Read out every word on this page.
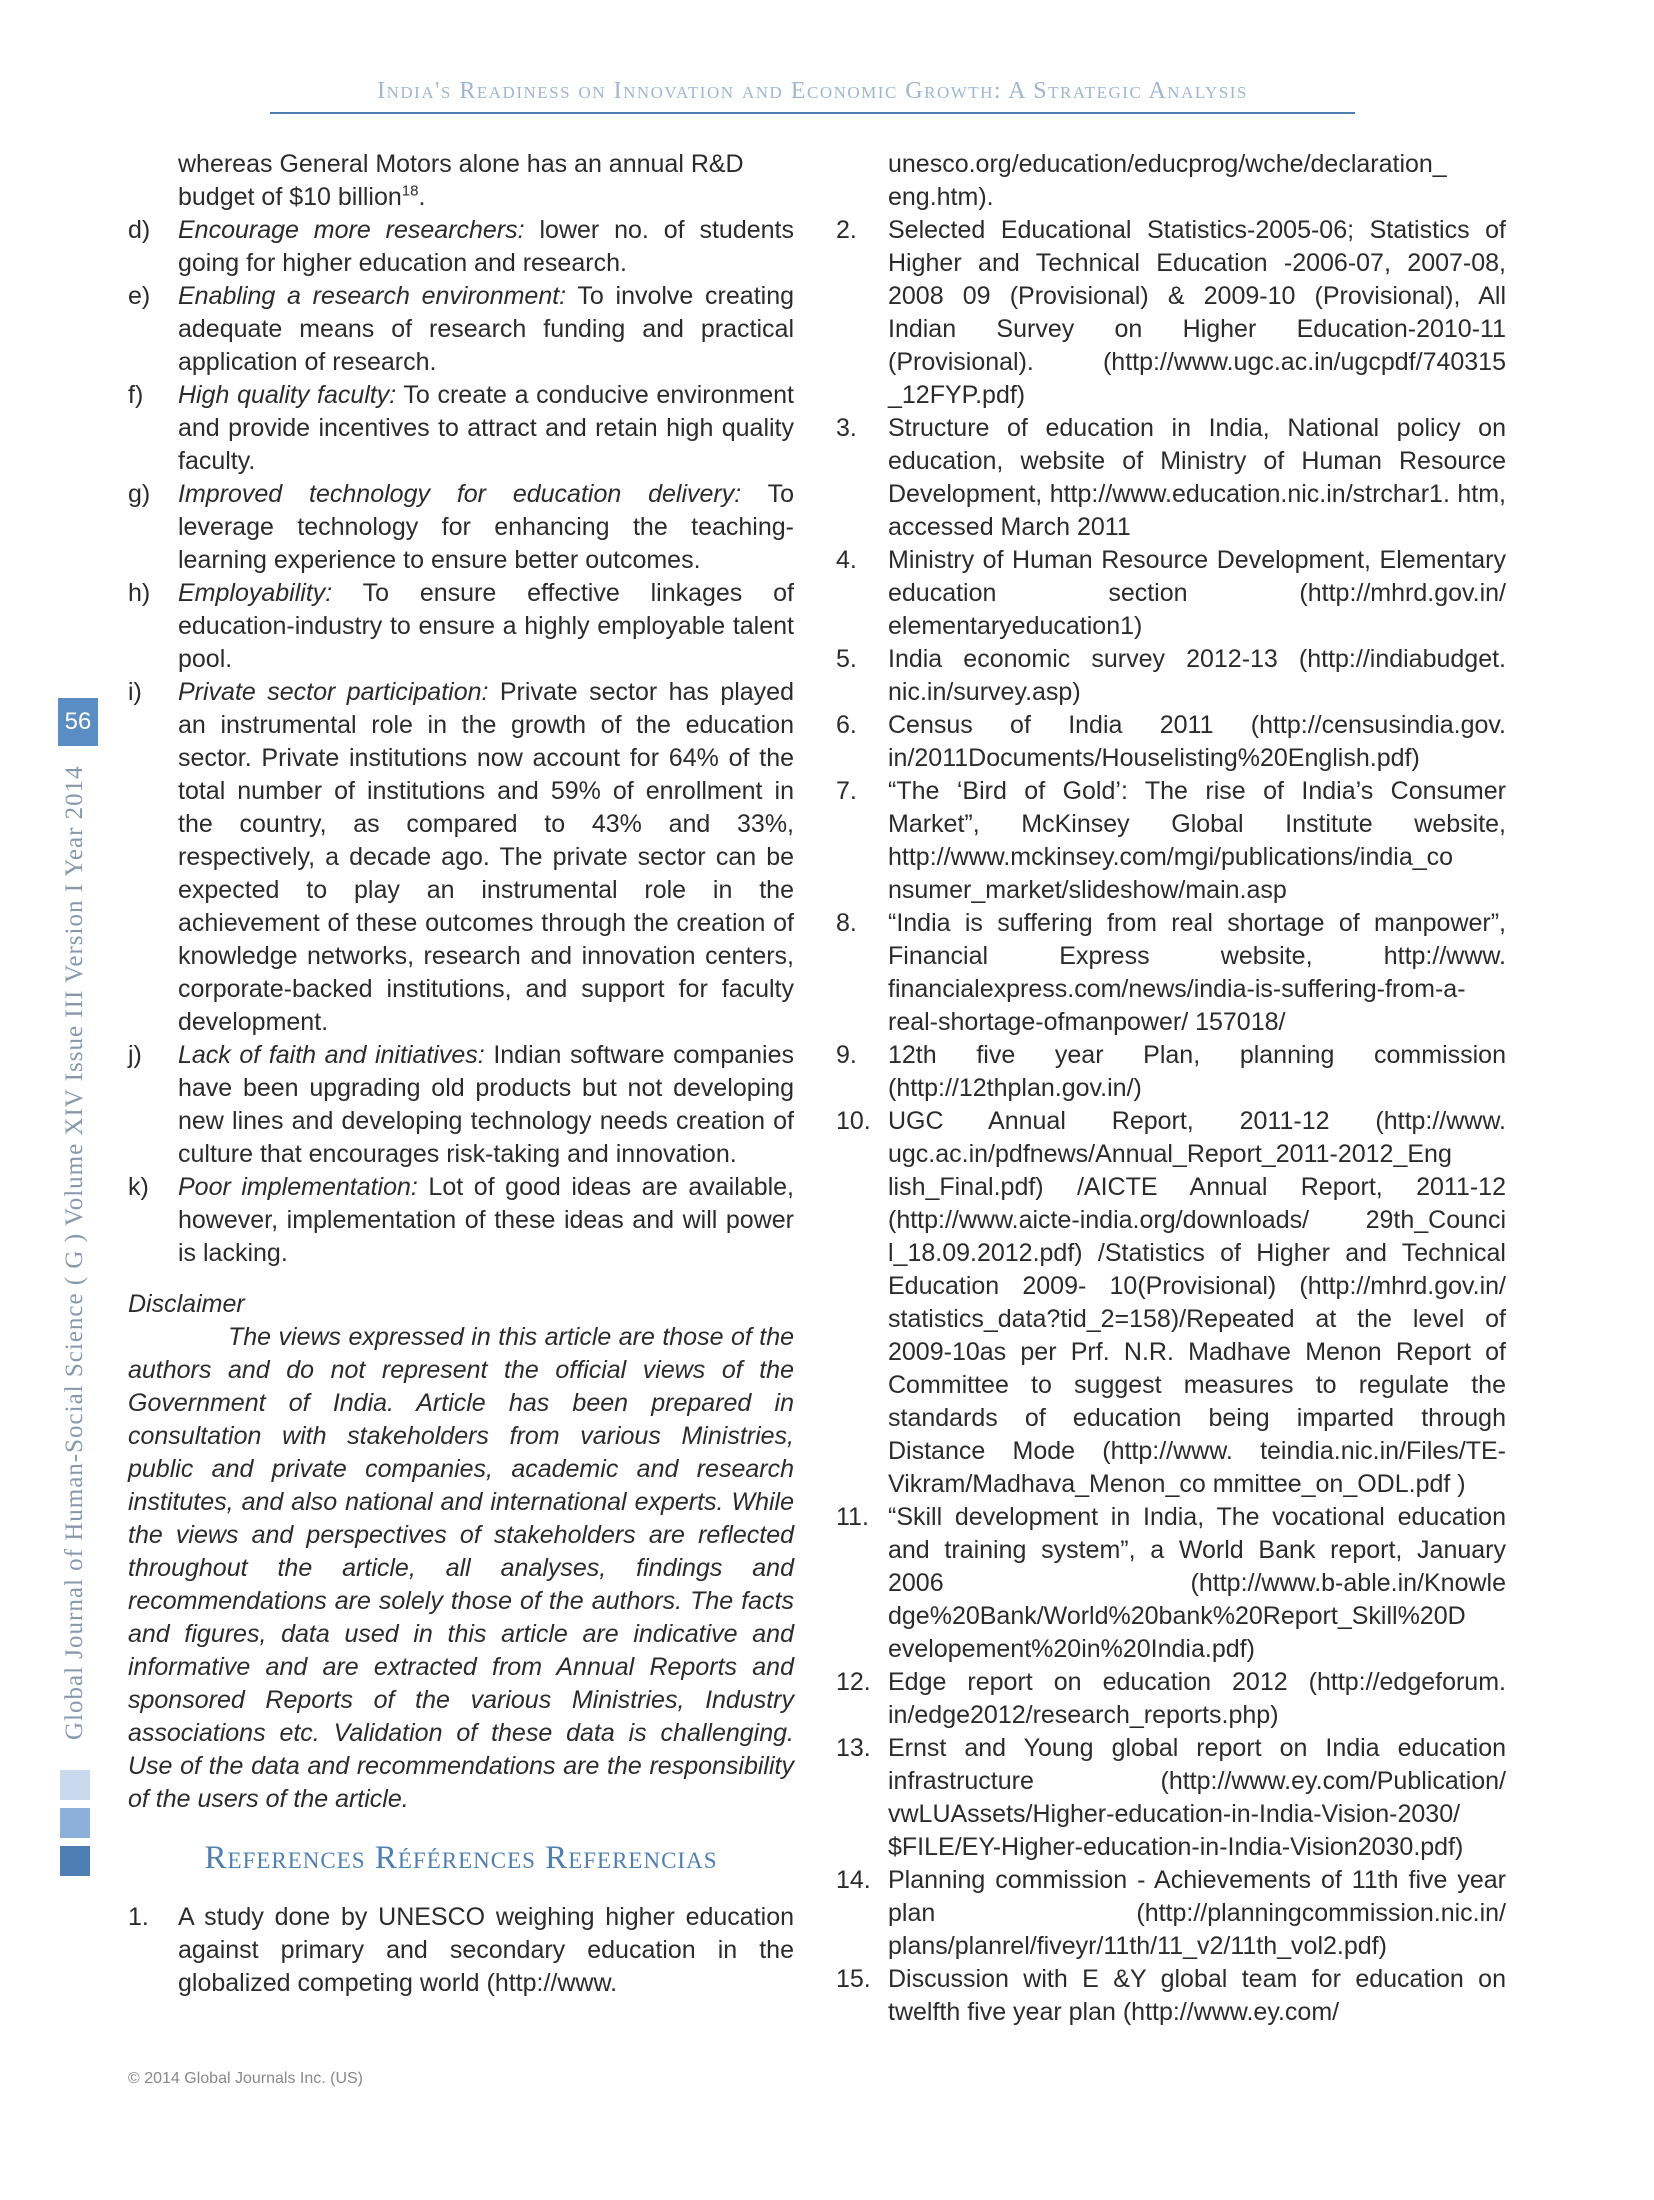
India's Readiness on Innovation and Economic Growth: A Strategic Analysis
Global Journal of Human-Social Science ( G ) Volume XIV Issue III Version I Year 2014
56
whereas General Motors alone has an annual R&D
budget of $10 billion$^{18}$.
d)	Encourage more researchers: lower no. of students going for higher education and research.
e)	Enabling a research environment: To involve creating adequate means of research funding and practical application of research.
f)	High quality faculty: To create a conducive environment and provide incentives to attract and retain high quality faculty.
g)	Improved technology for education delivery: To leverage technology for enhancing the teaching-learning experience to ensure better outcomes.
h)	Employability: To ensure effective linkages of education-industry to ensure a highly employable talent pool.
i)	Private sector participation: Private sector has played an instrumental role in the growth of the education sector. Private institutions now account for 64% of the total number of institutions and 59% of enrollment in the country, as compared to 43% and 33%, respectively, a decade ago. The private sector can be expected to play an instrumental role in the achievement of these outcomes through the creation of knowledge networks, research and innovation centers, corporate-backed institutions, and support for faculty development.
j)	Lack of faith and initiatives: Indian software companies have been upgrading old products but not developing new lines and developing technology needs creation of culture that encourages risk-taking and innovation.
k)	Poor implementation: Lot of good ideas are available, however, implementation of these ideas and will power is lacking.
Disclaimer
The views expressed in this article are those of the authors and do not represent the official views of the Government of India. Article has been prepared in consultation with stakeholders from various Ministries, public and private companies, academic and research institutes, and also national and international experts. While the views and perspectives of stakeholders are reflected throughout the article, all analyses, findings and recommendations are solely those of the authors. The facts and figures, data used in this article are indicative and informative and are extracted from Annual Reports and sponsored Reports of the various Ministries, Industry associations etc. Validation of these data is challenging. Use of the data and recommendations are the responsibility of the users of the article.
References Références Referencias
1.	A study done by UNESCO weighing higher education against primary and secondary education in the globalized competing world (http://www.
unesco.org/education/educprog/wche/declaration_ eng.htm).
2.	Selected Educational Statistics-2005-06; Statistics of Higher and Technical Education -2006-07, 2007-08, 2008 09 (Provisional) & 2009-10 (Provisional), All Indian Survey on Higher Education-2010-11 (Provisional). (http://www.ugc.ac.in/ugcpdf/740315 _12FYP.pdf)
3.	Structure of education in India, National policy on education, website of Ministry of Human Resource Development, http://www.education.nic.in/strchar1. htm, accessed March 2011
4.	Ministry of Human Resource Development, Elementary education section (http://mhrd.gov.in/ elementaryeducation1)
5.	India economic survey 2012-13 (http://indiabudget. nic.in/survey.asp)
6.	Census of India 2011 (http://censusindia.gov. in/2011Documents/Houselisting%20English.pdf)
7.	“The ‘Bird of Gold’: The rise of India’s Consumer Market”, McKinsey Global Institute website, http://www.mckinsey.com/mgi/publications/india_co nsumer_market/slideshow/main.asp
8.	“India is suffering from real shortage of manpower”, Financial Express website, http://www. financialexpress.com/news/india-is-suffering-from-a-real-shortage-ofmanpower/ 157018/
9.	12th five year Plan, planning commission (http://12thplan.gov.in/)
10. UGC Annual Report, 2011-12 (http://www. ugc.ac.in/pdfnews/Annual_Report_2011-2012_Eng lish_Final.pdf) /AICTE Annual Report, 2011-12 (http://www.aicte-india.org/downloads/ 29th_Counci l_18.09.2012.pdf) /Statistics of Higher and Technical Education 2009- 10(Provisional) (http://mhrd.gov.in/ statistics_data?tid_2=158)/Repeated at the level of 2009-10as per Prf. N.R. Madhave Menon Report of Committee to suggest measures to regulate the standards of education being imparted through Distance Mode (http://www. teindia.nic.in/Files/TE-Vikram/Madhava_Menon_co mmittee_on_ODL.pdf )
11. “Skill development in India, The vocational education and training system”, a World Bank report, January 2006 (http://www.b-able.in/Knowle dge%20Bank/World%20bank%20Report_Skill%20D evelopement%20in%20India.pdf)
12. Edge report on education 2012 (http://edgeforum. in/edge2012/research_reports.php)
13. Ernst and Young global report on India education infrastructure (http://www.ey.com/Publication/ vwLUAssets/Higher-education-in-India-Vision-2030/ $FILE/EY-Higher-education-in-India-Vision2030.pdf)
14. Planning commission - Achievements of 11th five year plan (http://planningcommission.nic.in/ plans/planrel/fiveyr/11th/11_v2/11th_vol2.pdf)
15. Discussion with E &Y global team for education on twelfth five year plan (http://www.ey.com/
© 2014 Global Journals Inc. (US)
